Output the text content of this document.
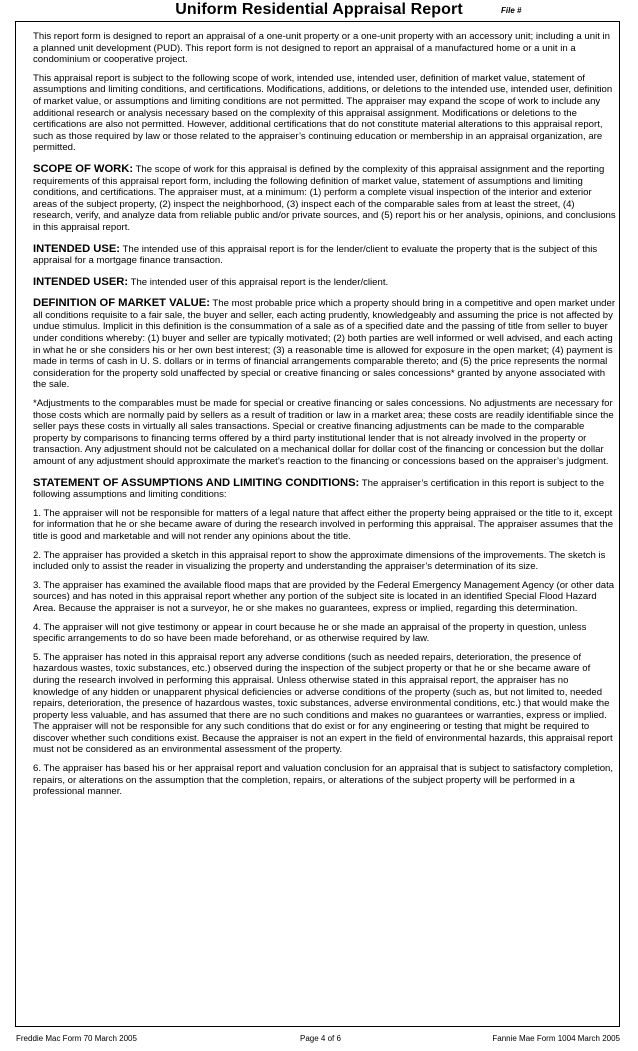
Uniform Residential Appraisal Report	File #

This report form is designed to report an appraisal of a one-unit property or a one-unit property with an accessory unit; including a unit in a planned unit development (PUD). This report form is not designed to report an appraisal of a manufactured home or a unit in a condominium or cooperative project.

This appraisal report is subject to the following scope of work, intended use, intended user, definition of market value, statement of assumptions and limiting conditions, and certifications. Modifications, additions, or deletions to the intended use, intended user, definition of market value, or assumptions and limiting conditions are not permitted. The appraiser may expand the scope of work to include any additional research or analysis necessary based on the complexity of this appraisal assignment. Modifications or deletions to the certifications are also not permitted. However, additional certifications that do not constitute material alterations to this appraisal report, such as those required by law or those related to the appraiser’s continuing education or membership in an appraisal organization, are permitted.

SCOPE OF WORK: The scope of work for this appraisal is defined by the complexity of this appraisal assignment and the reporting requirements of this appraisal report form, including the following definition of market value, statement of assumptions and limiting conditions, and certifications. The appraiser must, at a minimum: (1) perform a complete visual inspection of the interior and exterior areas of the subject property, (2) inspect the neighborhood, (3) inspect each of the comparable sales from at least the street, (4) research, verify, and analyze data from reliable public and/or private sources, and (5) report his or her analysis, opinions, and conclusions in this appraisal report.

INTENDED USE: The intended use of this appraisal report is for the lender/client to evaluate the property that is the subject of this appraisal for a mortgage finance transaction.

INTENDED USER: The intended user of this appraisal report is the lender/client.

DEFINITION OF MARKET VALUE: The most probable price which a property should bring in a competitive and open market under all conditions requisite to a fair sale, the buyer and seller, each acting prudently, knowledgeably and assuming the price is not affected by undue stimulus. Implicit in this definition is the consummation of a sale as of a specified date and the passing of title from seller to buyer under conditions whereby: (1) buyer and seller are typically motivated; (2) both parties are well informed or well advised, and each acting in what he or she considers his or her own best interest; (3) a reasonable time is allowed for exposure in the open market; (4) payment is made in terms of cash in U. S. dollars or in terms of financial arrangements comparable thereto; and (5) the price represents the normal consideration for the property sold unaffected by special or creative financing or sales concessions* granted by anyone associated with the sale.

*Adjustments to the comparables must be made for special or creative financing or sales concessions. No adjustments are necessary for those costs which are normally paid by sellers as a result of tradition or law in a market area; these costs are readily identifiable since the seller pays these costs in virtually all sales transactions. Special or creative financing adjustments can be made to the comparable property by comparisons to financing terms offered by a third party institutional lender that is not already involved in the property or transaction. Any adjustment should not be calculated on a mechanical dollar for dollar cost of the financing or concession but the dollar amount of any adjustment should approximate the market’s reaction to the financing or concessions based on the appraiser’s judgment.

STATEMENT OF ASSUMPTIONS AND LIMITING CONDITIONS: The appraiser’s certification in this report is subject to the following assumptions and limiting conditions:

1. The appraiser will not be responsible for matters of a legal nature that affect either the property being appraised or the title to it, except for information that he or she became aware of during the research involved in performing this appraisal. The appraiser assumes that the title is good and marketable and will not render any opinions about the title.

2. The appraiser has provided a sketch in this appraisal report to show the approximate dimensions of the improvements. The sketch is included only to assist the reader in visualizing the property and understanding the appraiser’s determination of its size.

3. The appraiser has examined the available flood maps that are provided by the Federal Emergency Management Agency (or other data sources) and has noted in this appraisal report whether any portion of the subject site is located in an identified Special Flood Hazard Area. Because the appraiser is not a surveyor, he or she makes no guarantees, express or implied, regarding this determination.

4. The appraiser will not give testimony or appear in court because he or she made an appraisal of the property in question, unless specific arrangements to do so have been made beforehand, or as otherwise required by law.

5. The appraiser has noted in this appraisal report any adverse conditions (such as needed repairs, deterioration, the presence of hazardous wastes, toxic substances, etc.) observed during the inspection of the subject property or that he or she became aware of during the research involved in performing this appraisal. Unless otherwise stated in this appraisal report, the appraiser has no knowledge of any hidden or unapparent physical deficiencies or adverse conditions of the property (such as, but not limited to, needed repairs, deterioration, the presence of hazardous wastes, toxic substances, adverse environmental conditions, etc.) that would make the property less valuable, and has assumed that there are no such conditions and makes no guarantees or warranties, express or implied. The appraiser will not be responsible for any such conditions that do exist or for any engineering or testing that might be required to discover whether such conditions exist. Because the appraiser is not an expert in the field of environmental hazards, this appraisal report must not be considered as an environmental assessment of the property.

6. The appraiser has based his or her appraisal report and valuation conclusion for an appraisal that is subject to satisfactory completion, repairs, or alterations on the assumption that the completion, repairs, or alterations of the subject property will be performed in a professional manner.

Freddie Mac Form 70 March 2005	Page 4 of 6	Fannie Mae Form 1004 March 2005
